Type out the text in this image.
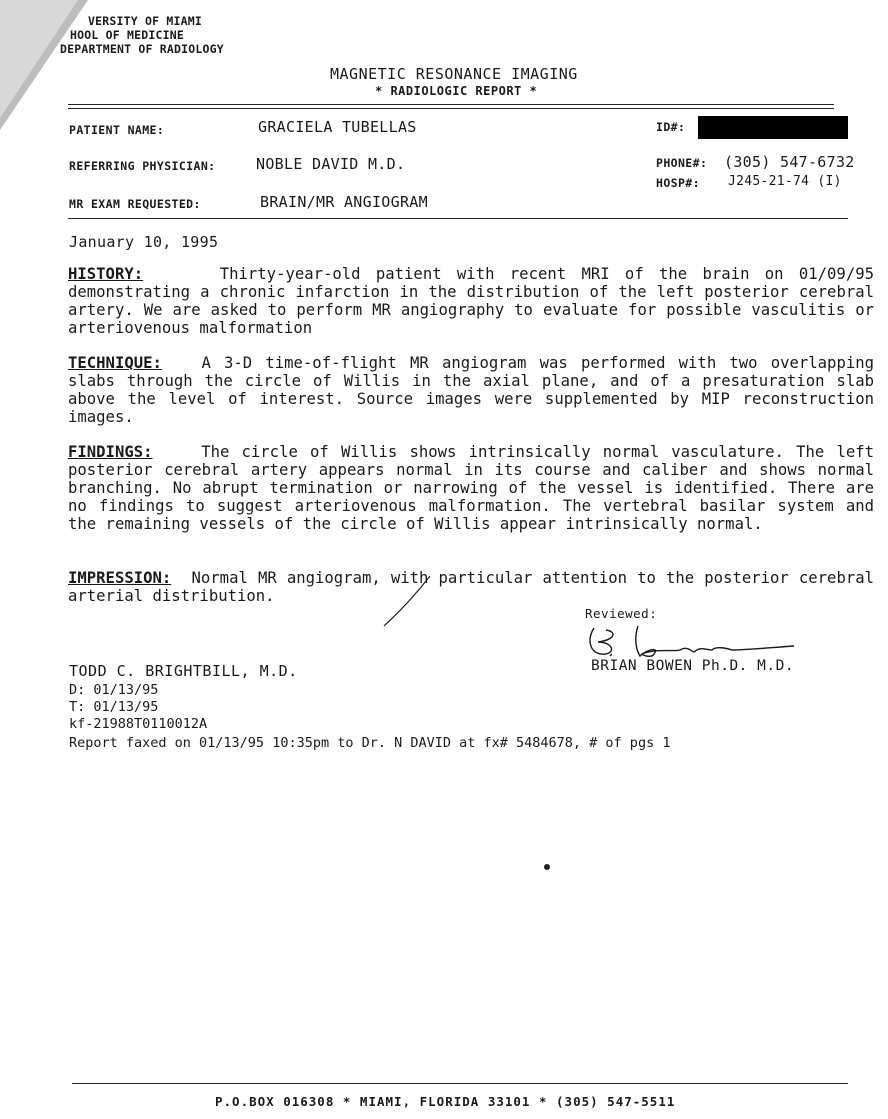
VERSITY OF MIAMI
HOOL OF MEDICINE
DEPARTMENT OF RADIOLOGY
MAGNETIC RESONANCE IMAGING
* RADIOLOGIC REPORT *
PATIENT NAME:	GRACIELA TUBELLAS	ID#:
REFERRING PHYSICIAN:	NOBLE DAVID M.D.	PHONE#: (305) 547-6732
HOSP#: J245-21-74 (I)
MR EXAM REQUESTED:	BRAIN/MR ANGIOGRAM
January 10, 1995
HISTORY:	Thirty-year-old patient with recent MRI of the brain on 01/09/95 demonstrating a chronic infarction in the distribution of the left posterior cerebral artery. We are asked to perform MR angiography to evaluate for possible vasculitis or arteriovenous malformation
TECHNIQUE:	A 3-D time-of-flight MR angiogram was performed with two overlapping slabs through the circle of Willis in the axial plane, and of a presaturation slab above the level of interest. Source images were supplemented by MIP reconstruction images.
FINDINGS:	The circle of Willis shows intrinsically normal vasculature. The left posterior cerebral artery appears normal in its course and caliber and shows normal branching. No abrupt termination or narrowing of the vessel is identified. There are no findings to suggest arteriovenous malformation. The vertebral basilar system and the remaining vessels of the circle of Willis appear intrinsically normal.
IMPRESSION: Normal MR angiogram, with particular attention to the posterior cerebral arterial distribution.
Reviewed:
BRIAN BOWEN Ph.D. M.D.
TODD C. BRIGHTBILL, M.D.
D: 01/13/95
T: 01/13/95
kf-21988T0110012A
Report faxed on 01/13/95 10:35pm to Dr. N DAVID at fx# 5484678, # of pgs 1
P.O.BOX 016308 * MIAMI, FLORIDA 33101 * (305) 547-5511
